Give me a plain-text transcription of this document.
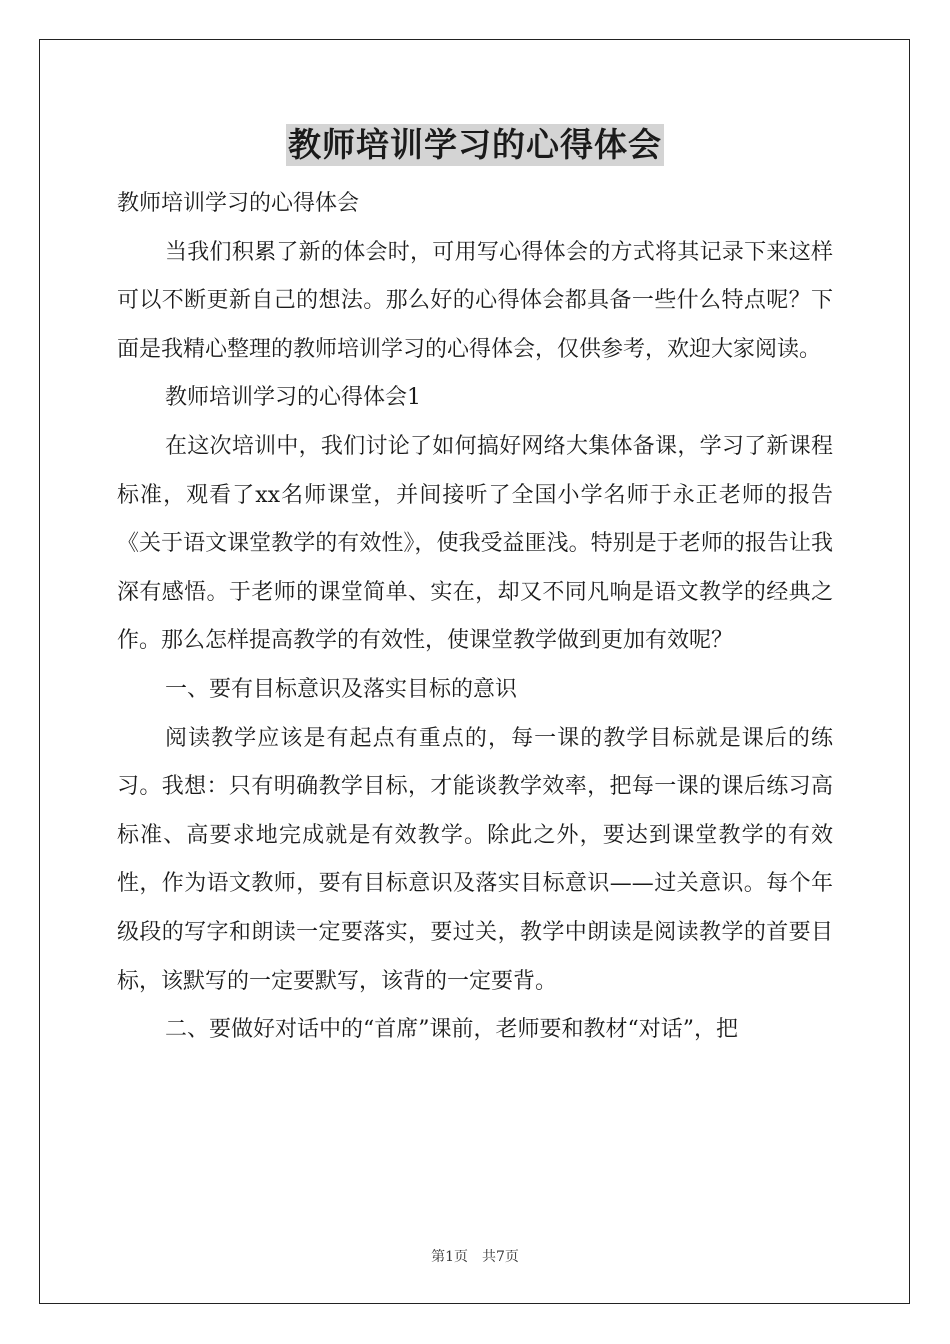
教师培训学习的心得体会

教师培训学习的心得体会

当我们积累了新的体会时，可用写心得体会的方式将其记录下来这样可以不断更新自己的想法。那么好的心得体会都具备一些什么特点呢？下面是我精心整理的教师培训学习的心得体会，仅供参考，欢迎大家阅读。

教师培训学习的心得体会1

在这次培训中，我们讨论了如何搞好网络大集体备课，学习了新课程标准，观看了xx名师课堂，并间接听了全国小学名师于永正老师的报告《关于语文课堂教学的有效性》，使我受益匪浅。特别是于老师的报告让我深有感悟。于老师的课堂简单、实在，却又不同凡响是语文教学的经典之作。那么怎样提高教学的有效性，使课堂教学做到更加有效呢？

一、要有目标意识及落实目标的意识

阅读教学应该是有起点有重点的，每一课的教学目标就是课后的练习。我想：只有明确教学目标，才能谈教学效率，把每一课的课后练习高标准、高要求地完成就是有效教学。除此之外，要达到课堂教学的有效性，作为语文教师，要有目标意识及落实目标意识——过关意识。每个年级段的写字和朗读一定要落实，要过关，教学中朗读是阅读教学的首要目标，该默写的一定要默写，该背的一定要背。

二、要做好对话中的“首席”课前，老师要和教材“对话”，把

第1页 共7页
